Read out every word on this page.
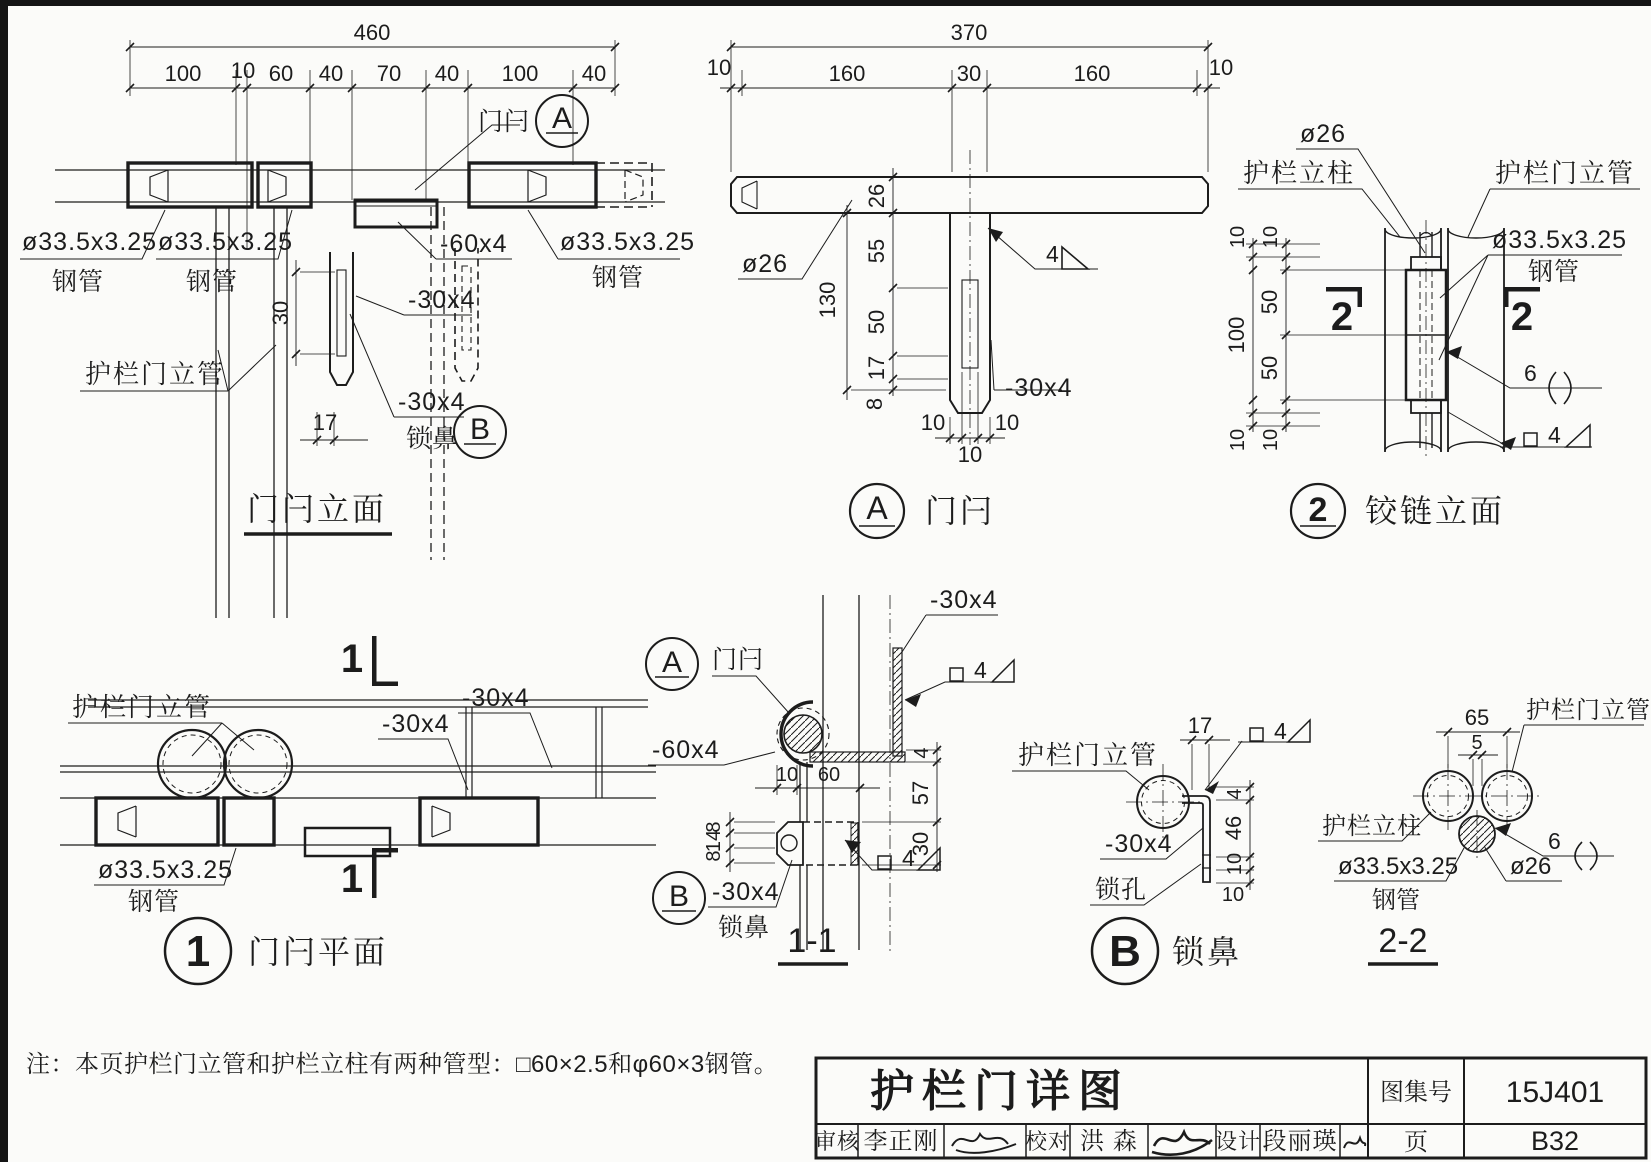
460
100 10 60 40 70 40 100 40
30
17
门闩 A
ø33.5x3.25
钢管
ø33.5x3.25
钢管
ø33.5x3.25
钢管
-60x4
-30x4
护栏门立管
-30x4
锁鼻 B
门闩立面
370
10	160	30	160	10
26
55
50
17
8
130
10 10
10
4
ø26
-30x4
A 门闩
10 10
50
100
50
10 10
2	2
ø26
护栏立柱	护栏门立管
ø33.5x3.25
钢管
6
4
2 铰链立面
1
1
护栏门立管
-30x4
-30x4
ø33.5x3.25
钢管
1 门闩平面
10 60
8
14
8
4
57
30
A 门闩
-60x4
-30x4
4
4
B -30x4
锁鼻 1-1
17
4
46
10
10
4
护栏门立管
-30x4
锁孔
B 锁鼻
65
5
护栏门立管
护栏立柱
ø33.5x3.25
钢管
ø26
6
2-2
注：本页护栏门立管和护栏立柱有两种管型：□60×2.5和φ60×3钢管。
护栏门详图	图集号 15J401
页	B32
审核 李正刚	校对 洪 森	设计 段丽瑛
